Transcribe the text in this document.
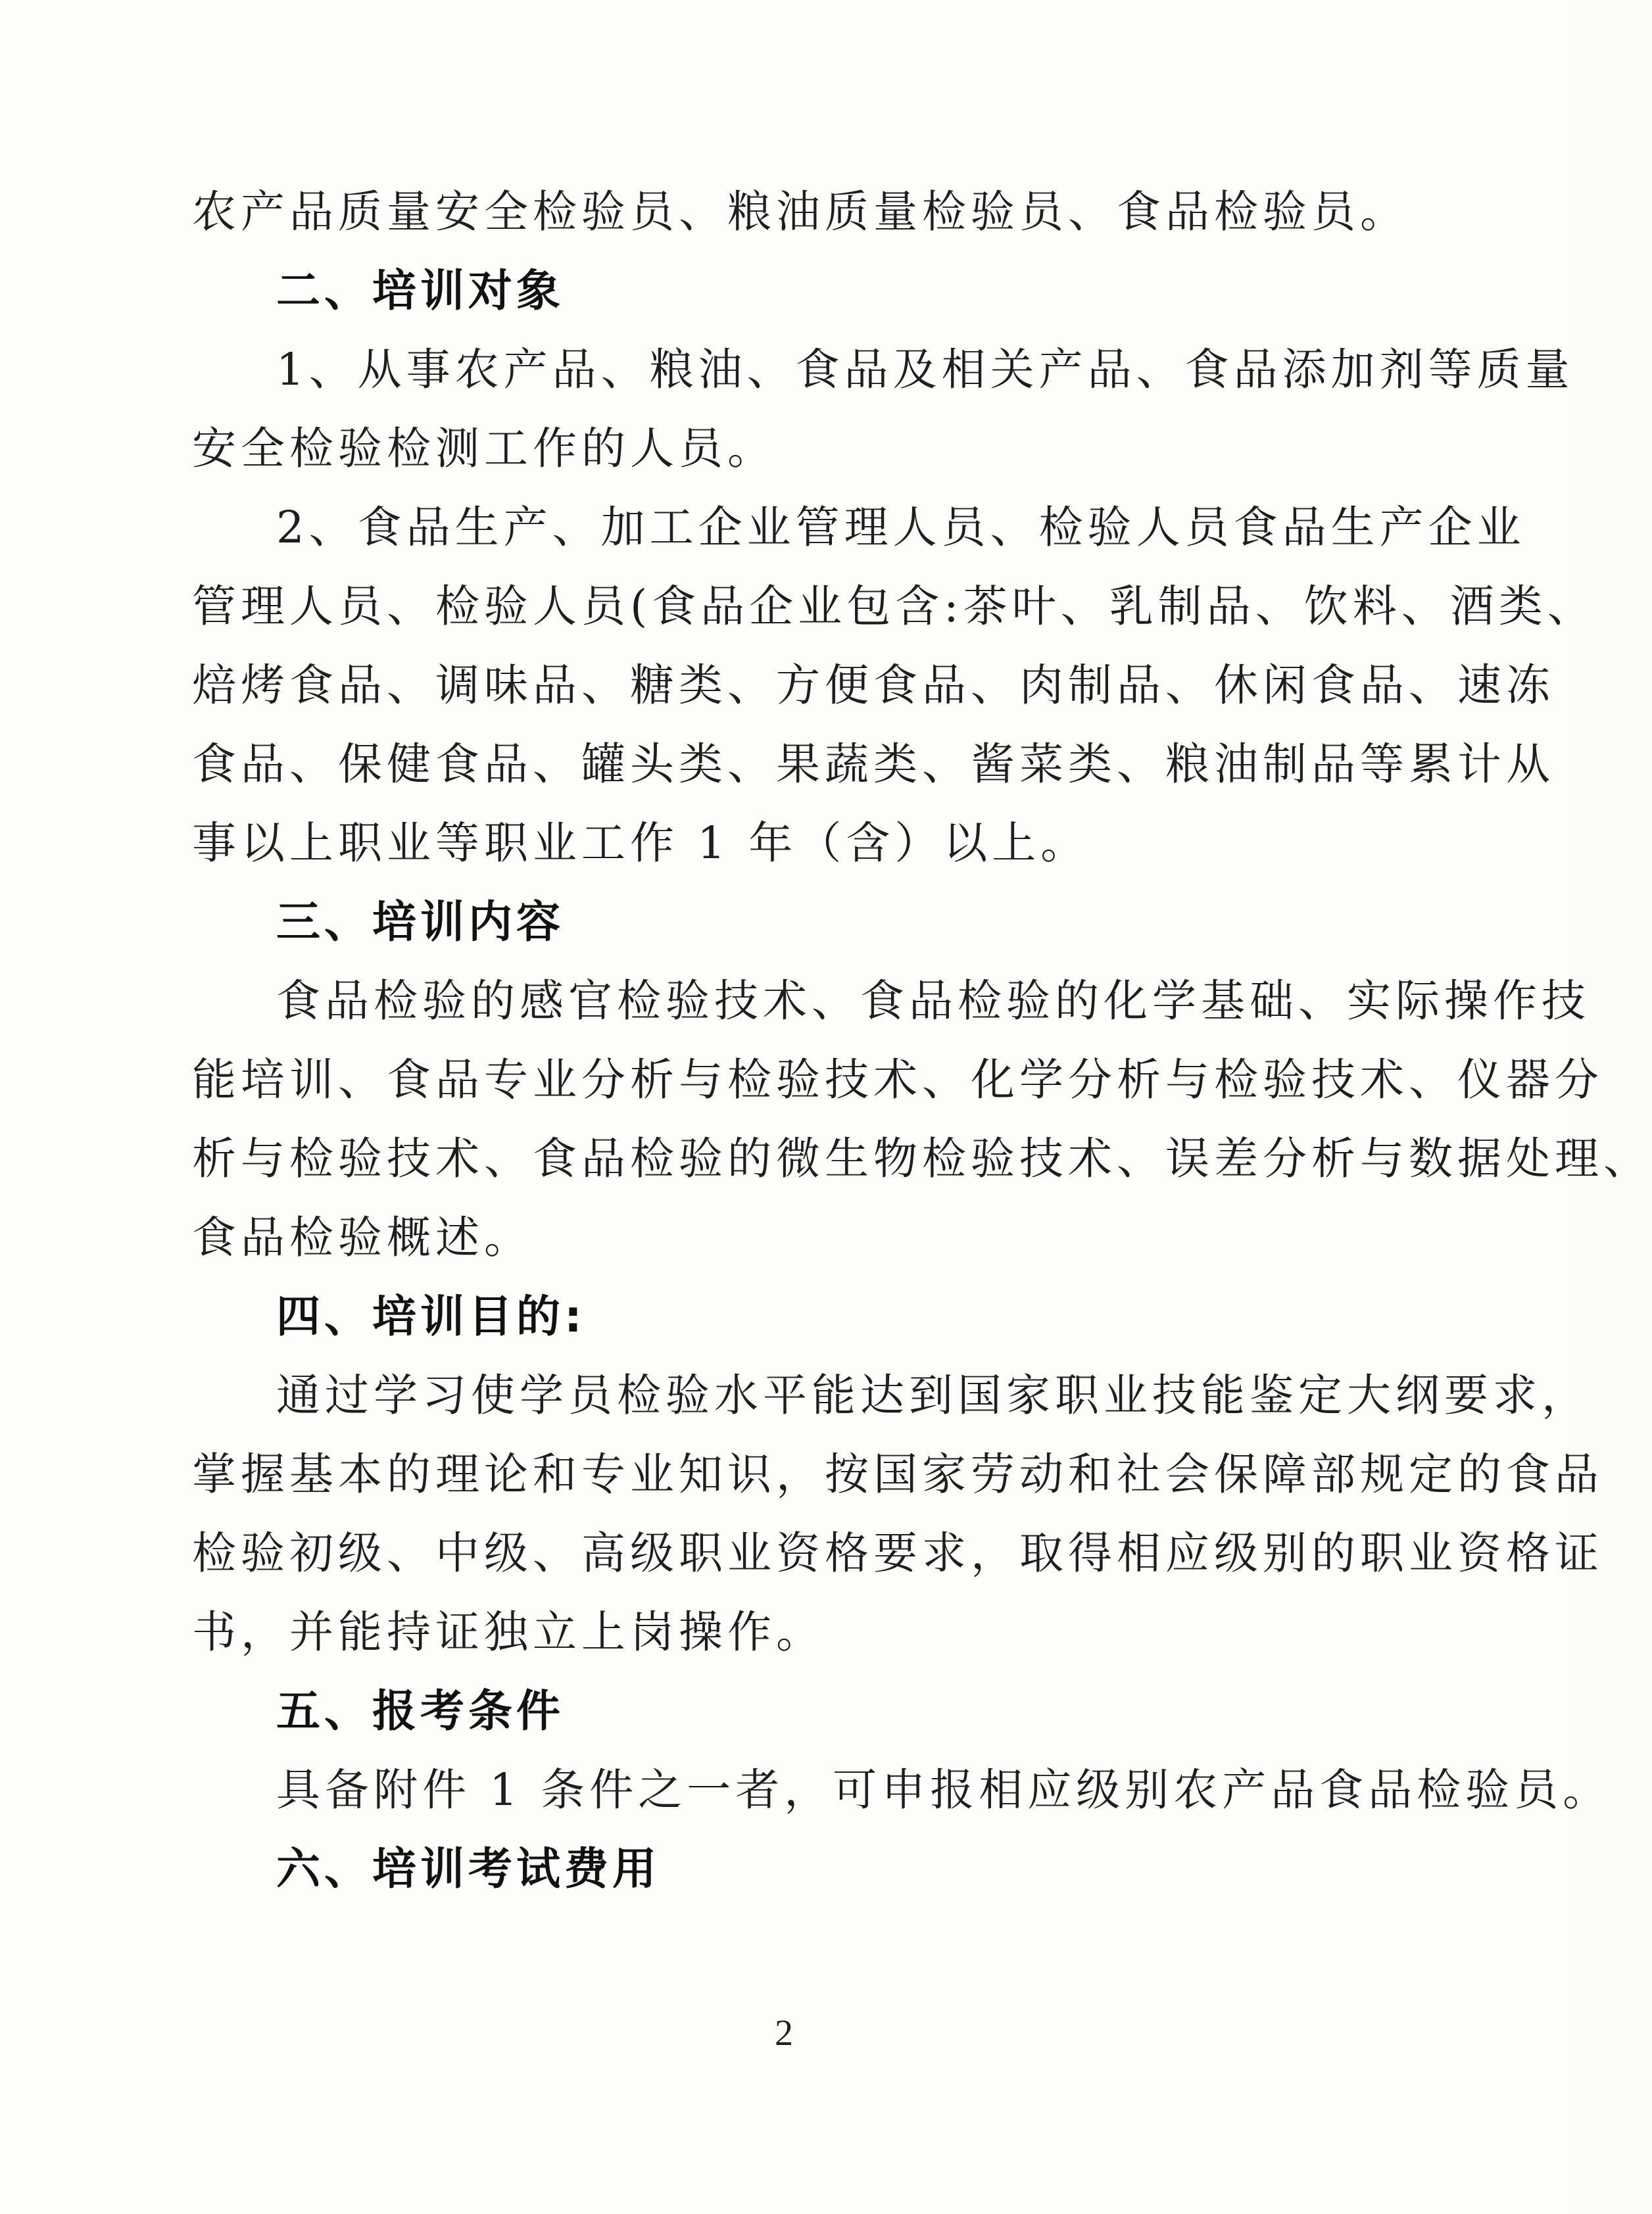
农产品质量安全检验员、粮油质量检验员、食品检验员。
二、培训对象
1、从事农产品、粮油、食品及相关产品、食品添加剂等质量
安全检验检测工作的人员。
2、食品生产、加工企业管理人员、检验人员食品生产企业
管理人员、检验人员(食品企业包含:茶叶、乳制品、饮料、酒类、
焙烤食品、调味品、糖类、方便食品、肉制品、休闲食品、速冻
食品、保健食品、罐头类、果蔬类、酱菜类、粮油制品等累计从
事以上职业等职业工作 1 年（含）以上。
三、培训内容
食品检验的感官检验技术、食品检验的化学基础、实际操作技
能培训、食品专业分析与检验技术、化学分析与检验技术、仪器分
析与检验技术、食品检验的微生物检验技术、误差分析与数据处理、
食品检验概述。
四、培训目的:
通过学习使学员检验水平能达到国家职业技能鉴定大纲要求，
掌握基本的理论和专业知识，按国家劳动和社会保障部规定的食品
检验初级、中级、高级职业资格要求，取得相应级别的职业资格证
书，并能持证独立上岗操作。
五、报考条件
具备附件 1 条件之一者，可申报相应级别农产品食品检验员。
六、培训考试费用
2
